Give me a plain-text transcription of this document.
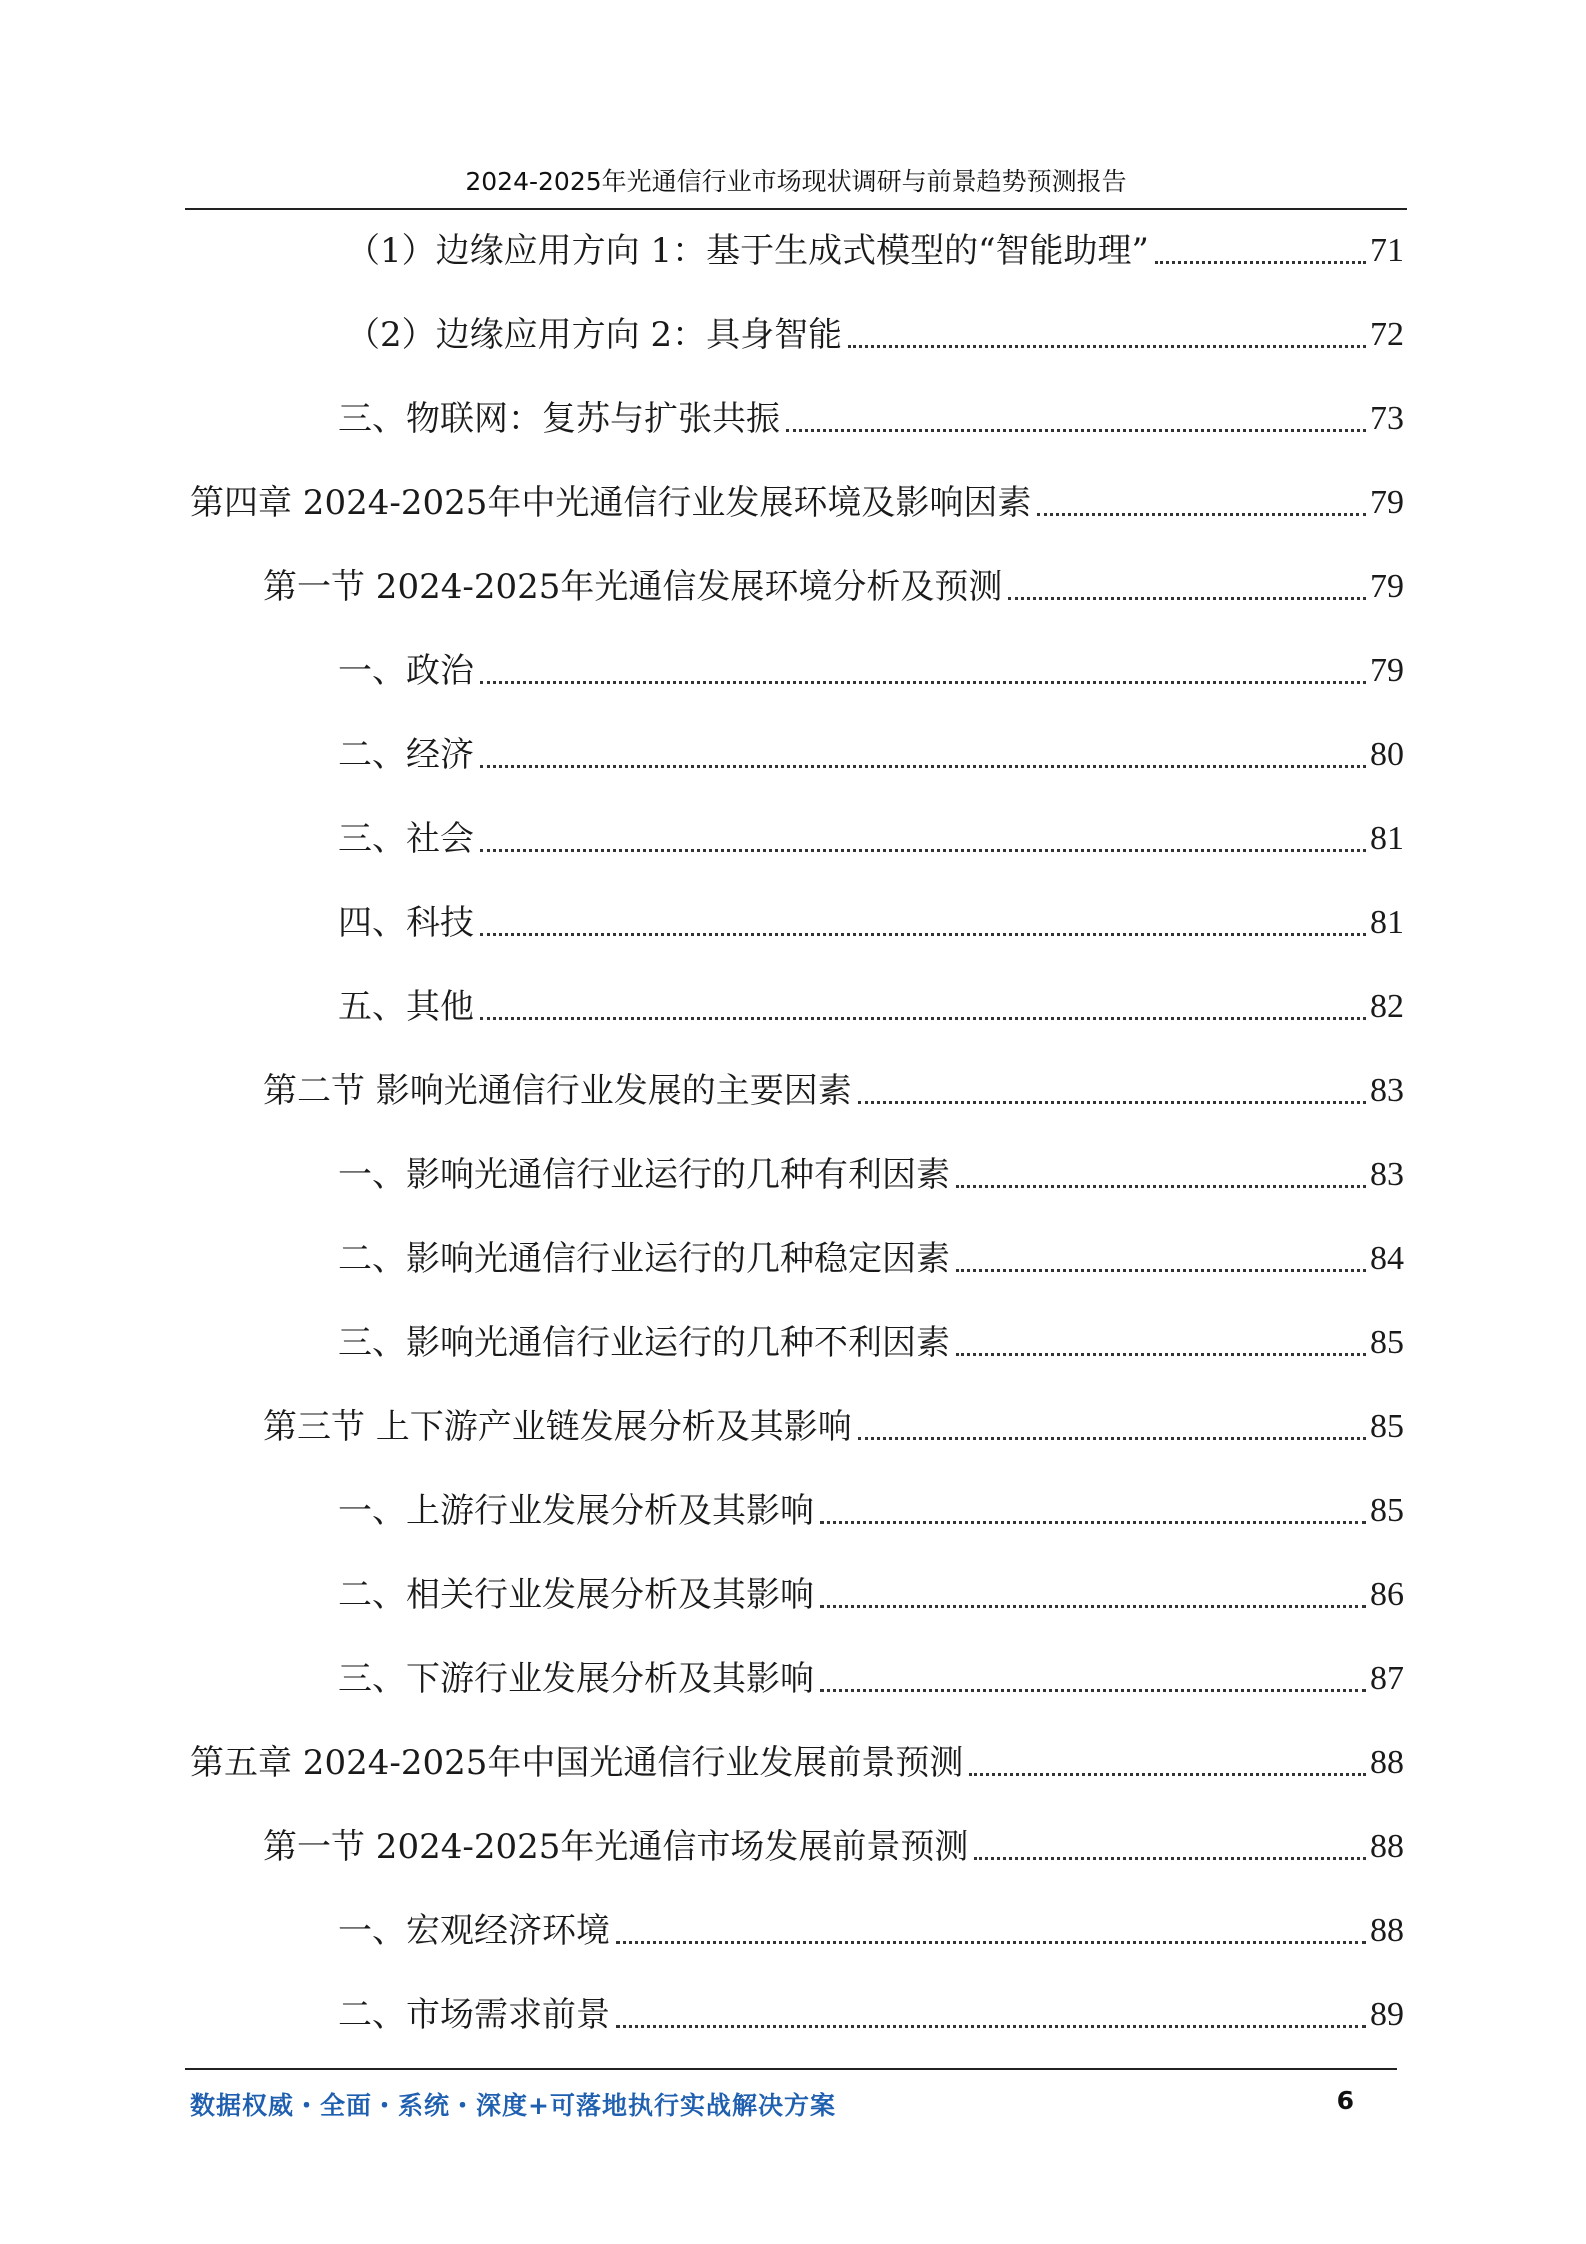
2024-2025年光通信行业市场现状调研与前景趋势预测报告
（1）边缘应用方向 1：基于生成式模型的“智能助理”	71
（2）边缘应用方向 2：具身智能	72
三、物联网：复苏与扩张共振	73
第四章 2024-2025年中光通信行业发展环境及影响因素	79
第一节 2024-2025年光通信发展环境分析及预测	79
一、政治	79
二、经济	80
三、社会	81
四、科技	81
五、其他	82
第二节 影响光通信行业发展的主要因素	83
一、影响光通信行业运行的几种有利因素	83
二、影响光通信行业运行的几种稳定因素	84
三、影响光通信行业运行的几种不利因素	85
第三节 上下游产业链发展分析及其影响	85
一、上游行业发展分析及其影响	85
二、相关行业发展分析及其影响	86
三、下游行业发展分析及其影响	87
第五章 2024-2025年中国光通信行业发展前景预测	88
第一节 2024-2025年光通信市场发展前景预测	88
一、宏观经济环境	88
二、市场需求前景	89
数据权威・全面・系统・深度+可落地执行实战解决方案	6
